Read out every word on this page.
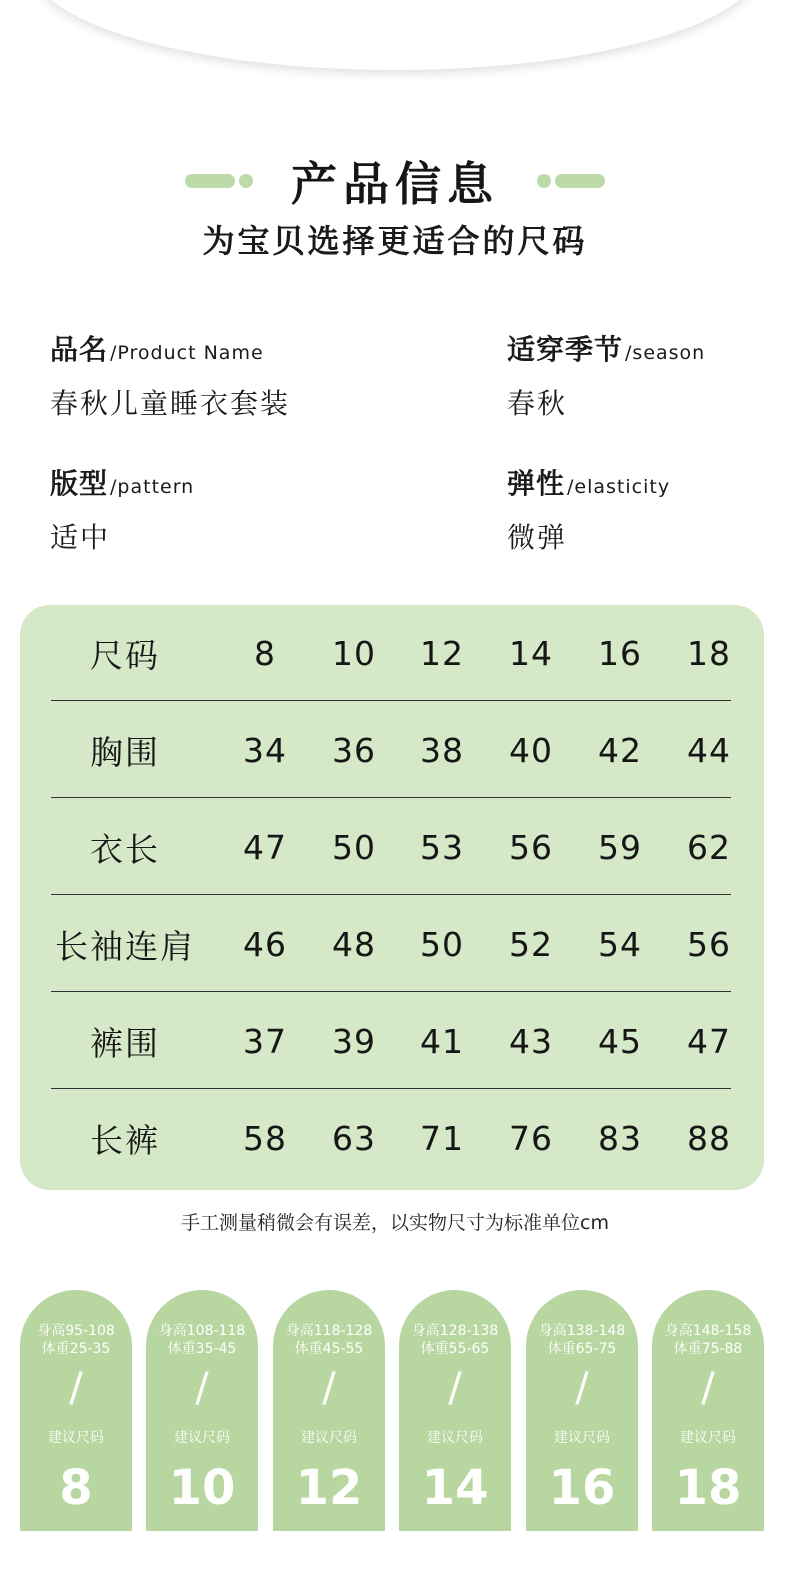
产品信息
为宝贝选择更适合的尺码
品名 /Product Name
春秋儿童睡衣套装
适穿季节 /season
春秋
版型 /pattern
适中
弹性 /elasticity
微弹
尺码	8	10	12	14	16	18
胸围	34	36	38	40	42	44
衣长	47	50	53	56	59	62
长袖连肩	46	48	50	52	54	56
裤围	37	39	41	43	45	47
长裤	58	63	71	76	83	88
手工测量稍微会有误差，以实物尺寸为标准单位cm
身高95-108
体重25-35
/
建议尺码
8
身高108-118
体重35-45
/
建议尺码
10
身高118-128
体重45-55
/
建议尺码
12
身高128-138
体重55-65
/
建议尺码
14
身高138-148
体重65-75
/
建议尺码
16
身高148-158
体重75-88
/
建议尺码
18
